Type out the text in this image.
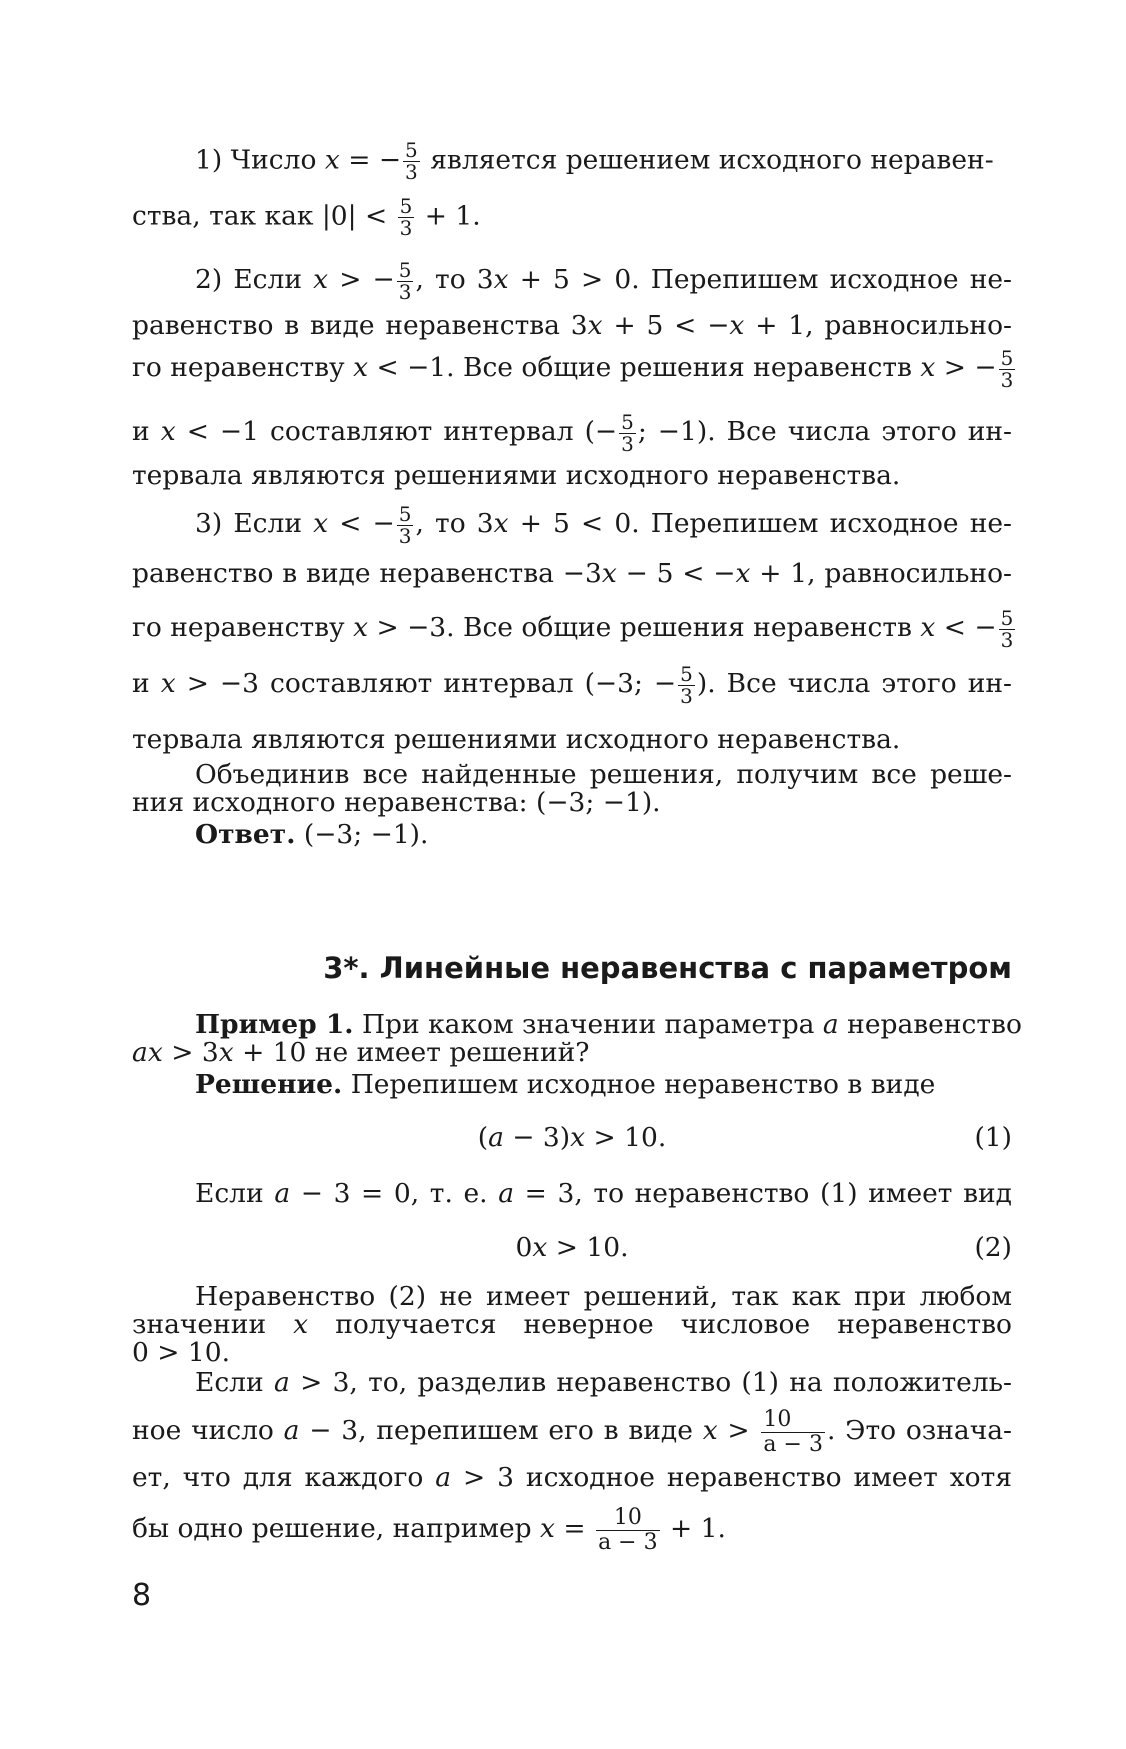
1) Число x = − $\frac{5}{3}$ является решением исходного неравен-
ства, так как $|0| < \frac{5}{3} + 1$.
2) Если x > − $\frac{5}{3}$ , то 3x + 5 > 0. Перепишем исходное не-
равенство в виде неравенства 3x + 5 < −x + 1, равносильно-
го неравенству x < −1. Все общие решения неравенств x > − $\frac{5}{3}$
и x < −1 составляют интервал (− $\frac{5}{3}$ ; −1). Все числа этого ин-
тервала являются решениями исходного неравенства.
3) Если x < − $\frac{5}{3}$ , то 3x + 5 < 0. Перепишем исходное не-
равенство в виде неравенства −3x − 5 < −x + 1, равносильно-
го неравенству x > −3. Все общие решения неравенств x < − $\frac{5}{3}$
и x > −3 составляют интервал (−3; − $\frac{5}{3}$ ). Все числа этого ин-
тервала являются решениями исходного неравенства.
Объединив все найденные решения, получим все реше-
ния исходного неравенства: (−3; −1).
Ответ. (−3; −1).
3*. Линейные неравенства с параметром
Пример 1. При каком значении параметра a неравенство
ax > 3x + 10 не имеет решений?
Решение. Перепишем исходное неравенство в виде
(a − 3)x > 10.	(1)
Если a − 3 = 0, т. е. a = 3, то неравенство (1) имеет вид
0x > 10.	(2)
Неравенство (2) не имеет решений, так как при любом
значении x получается неверное числовое неравенство
0 > 10.
Если a > 3, то, разделив неравенство (1) на положитель-
ное число a − 3, перепишем его в виде $x > \frac{10}{a - 3}$ . Это означа-
ет, что для каждого a > 3 исходное неравенство имеет хотя
бы одно решение, например $x = \frac{10}{a - 3} + 1$.
8
